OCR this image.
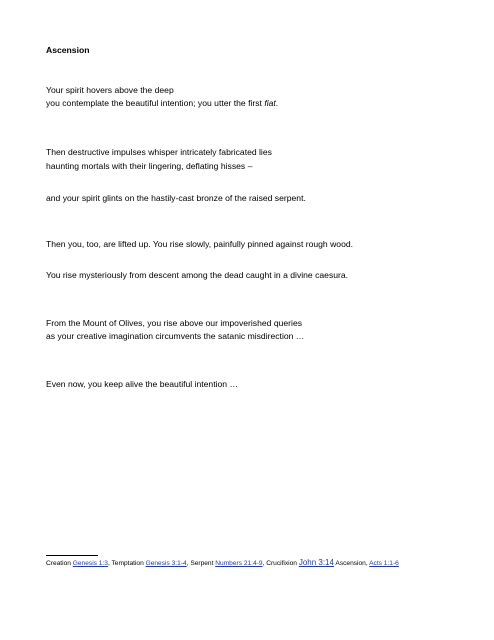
Ascension
Your spirit hovers above the deep
you contemplate the beautiful intention; you utter the first fiat.
Then destructive impulses whisper intricately fabricated lies
haunting mortals with their lingering, deflating hisses –
and your spirit glints on the hastily-cast bronze of the raised serpent.
Then you, too, are lifted up. You rise slowly, painfully pinned against rough wood.
You rise mysteriously from descent among the dead caught in a divine caesura.
From the Mount of Olives, you rise above our impoverished queries
as your creative imagination circumvents the satanic misdirection …
Even now, you keep alive the beautiful intention …
Creation Genesis 1:3, Temptation Genesis 3:1-4, Serpent Numbers 21:4-9, Crucifixion John 3:14 Ascension, Acts 1:1-6
